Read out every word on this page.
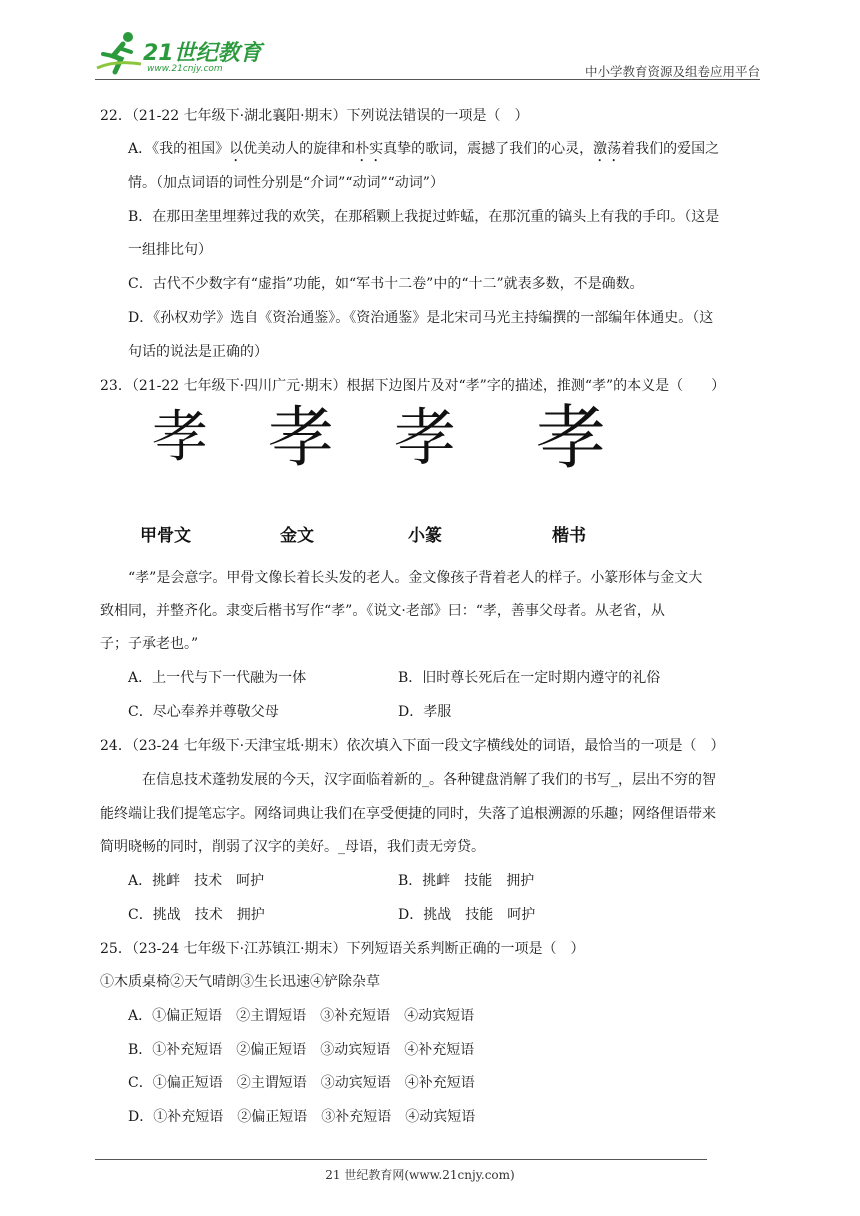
21世纪教育
www.21cnjy.com	中小学教育资源及组卷应用平台
22．（21-22 七年级下·湖北襄阳·期末）下列说法错误的一项是（　）
A．《我的祖国》以优美动人的旋律和朴实真挚的歌词，震撼了我们的心灵，激荡着我们的爱国之
情。（加点词语的词性分别是“介词”“动词”“动词”）
B．在那田垄里埋葬过我的欢笑，在那稻颗上我捉过蚱蜢，在那沉重的镐头上有我的手印。（这是
一组排比句）
C．古代不少数字有“虚指”功能，如“军书十二卷”中的“十二”就表多数，不是确数。
D．《孙权劝学》选自《资治通鉴》。《资治通鉴》是北宋司马光主持编撰的一部编年体通史。（这
句话的说法是正确的）
23．（21-22 七年级下·四川广元·期末）根据下边图片及对“孝”字的描述，推测“孝”的本义是（　　）
孝 孝 孝 孝
甲骨文	金文	小篆	楷书
“孝”是会意字。甲骨文像长着长头发的老人。金文像孩子背着老人的样子。小篆形体与金文大
致相同，并整齐化。隶变后楷书写作“孝”。《说文·老部》曰：“孝，善事父母者。从老省，从
子；子承老也。”
A．上一代与下一代融为一体	B．旧时尊长死后在一定时期内遵守的礼俗
C．尽心奉养并尊敬父母	D．孝服
24．（23-24 七年级下·天津宝坻·期末）依次填入下面一段文字横线处的词语，最恰当的一项是（　）
在信息技术蓬勃发展的今天，汉字面临着新的_。各种键盘消解了我们的书写_，层出不穷的智
能终端让我们提笔忘字。网络词典让我们在享受便捷的同时，失落了追根溯源的乐趣；网络俚语带来
简明晓畅的同时，削弱了汉字的美好。_母语，我们责无旁贷。
A．挑衅　技术　呵护	B．挑衅　技能　拥护
C．挑战　技术　拥护	D．挑战　技能　呵护
25．（23-24 七年级下·江苏镇江·期末）下列短语关系判断正确的一项是（　）
①木质桌椅②天气晴朗③生长迅速④铲除杂草
A．①偏正短语　②主谓短语　③补充短语　④动宾短语
B．①补充短语　②偏正短语　③动宾短语　④补充短语
C．①偏正短语　②主谓短语　③动宾短语　④补充短语
D．①补充短语　②偏正短语　③补充短语　④动宾短语
21 世纪教育网(www.21cnjy.com)
